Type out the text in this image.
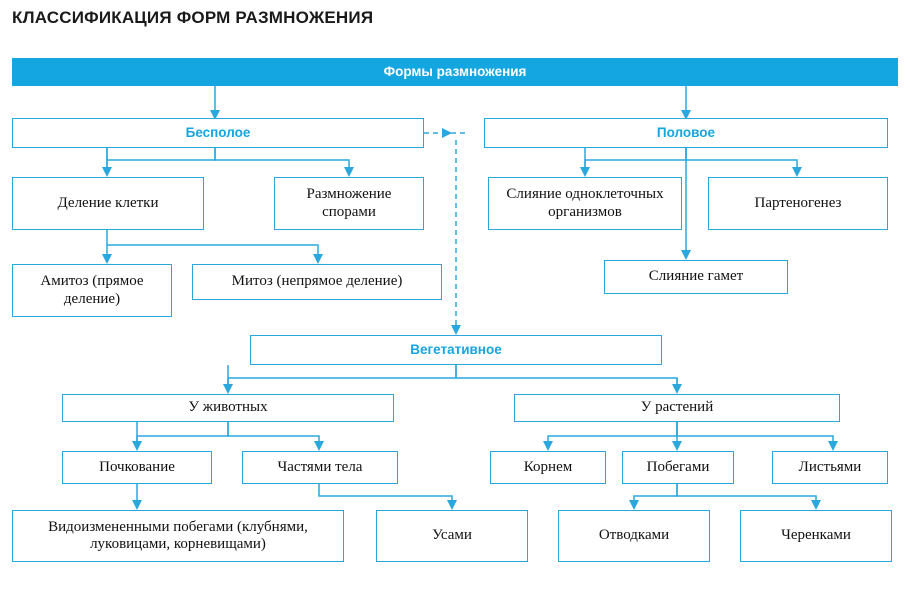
КЛАССИФИКАЦИЯ ФОРМ РАЗМНОЖЕНИЯ
Формы размножения
Бесполое	Половое
Деление клетки
Размножение спорами
Слияние одноклеточных организмов
Партеногенез
Амитоз (прямое деление)
Митоз (непрямое деление)	Слияние гамет
Вегетативное
У животных	У растений
Почкование	Частями тела	Корнем	Побегами	Листьями
Видоизмененными побегами (клубнями, луковицами, корневищами)
Усами	Отводками	Черенками
